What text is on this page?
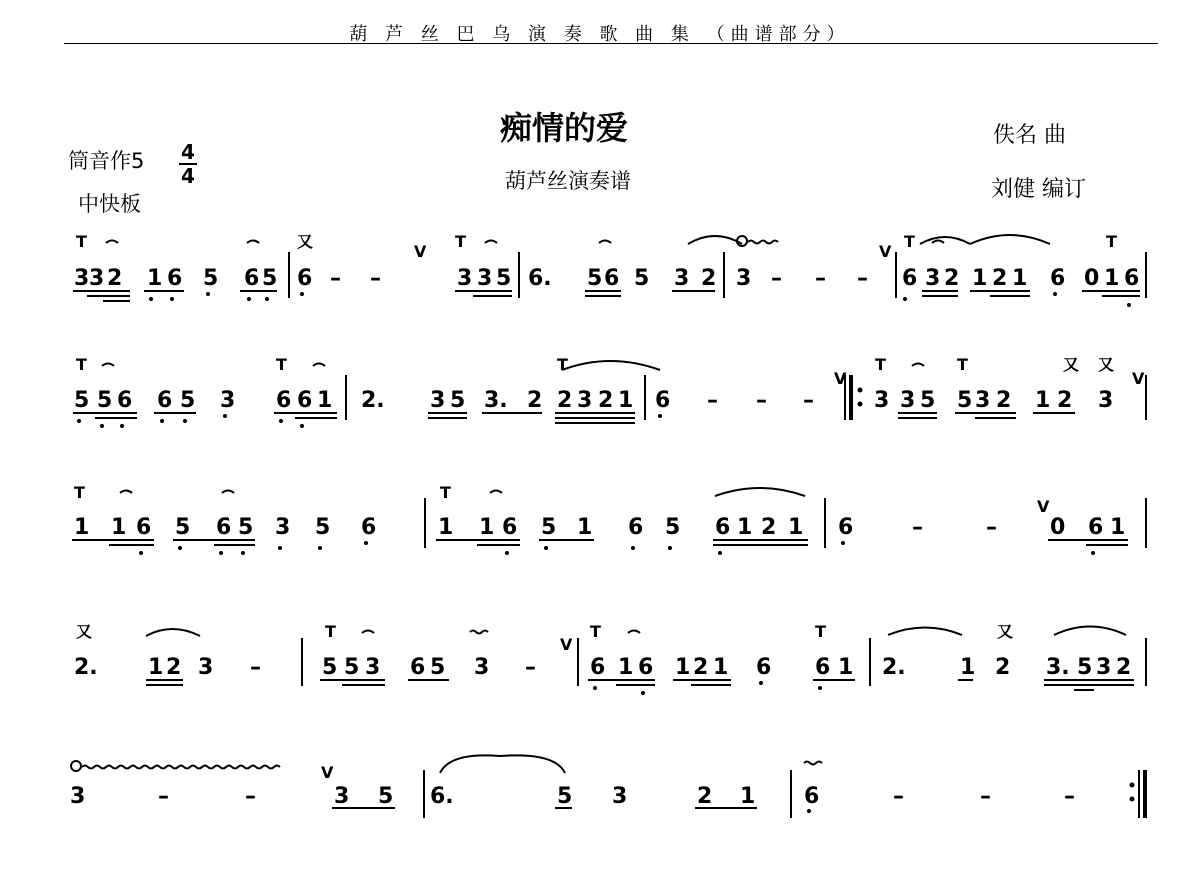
葫 芦 丝 巴 乌 演 奏 歌 曲 集 （曲谱部分）
痴情的爱
葫芦丝演奏谱
筒音作5 4
4
中快板
佚名 曲
刘健 编订
3 3 2 1 6 5 6 5 6 – –	3 3 5 6. 5 6 5 3 2 3 – – – 6 3 2 1 2 1 6 0 1 6
5 5 6 6 5 3 6 6 1 2. 3 5 3. 2 2 3 2 1 6 – – –	3 3 5 5 3 2 1 2 3
1 1 6 5 6 5 3 5 6	1 1 6 5 1 6 5 6 1 2 1 6	–	– 0 6 1
2. 1 2 3 –	5 5 3 6 5 3 – 6 1 6 1 2 1 6 6 1 2. 1 2 3. 5 3 2
3	–	–	3 5 6.	5 3	2 1 6	–	–	–
T	T	T	T
T	T	T	T	T
T	T
T	T	T
又
又 又
又	又
V	V
V	V
V
V
V
